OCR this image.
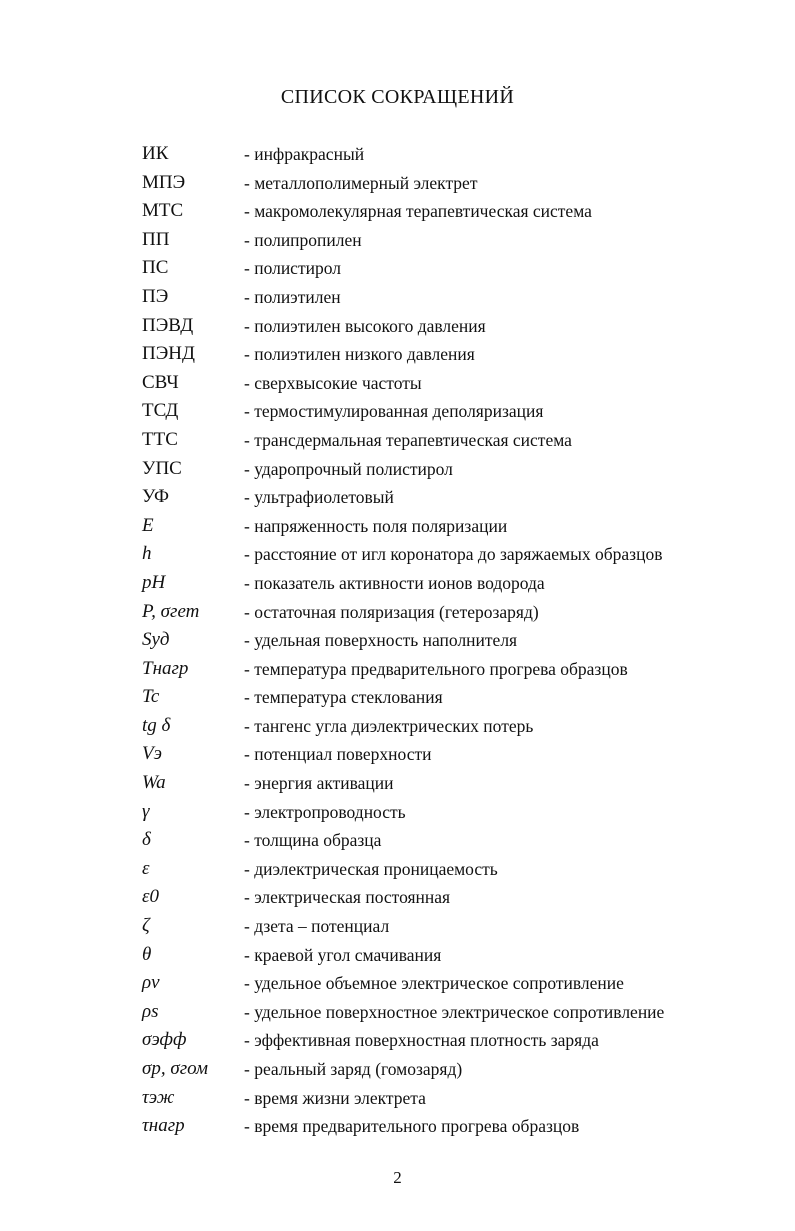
СПИСОК СОКРАЩЕНИЙ
ИК	- инфракрасный
МПЭ	- металлополимерный электрет
МТС	- макромолекулярная терапевтическая система
ПП	- полипропилен
ПС	- полистирол
ПЭ	- полиэтилен
ПЭВД	- полиэтилен высокого давления
ПЭНД	- полиэтилен низкого давления
СВЧ	- сверхвысокие частоты
ТСД	- термостимулированная деполяризация
ТТС	- трансдермальная терапевтическая система
УПС	- ударопрочный полистирол
УФ	- ультрафиолетовый
E	- напряженность поля поляризации
h	- расстояние от игл коронатора до заряжаемых образцов
pH	- показатель активности ионов водорода
P, σгет	- остаточная поляризация (гетерозаряд)
Sуд	- удельная поверхность наполнителя
Tнагр	- температура предварительного прогрева образцов
Tc	- температура стеклования
tg δ	- тангенс угла диэлектрических потерь
Vэ	- потенциал поверхности
Wa	- энергия активации
γ	- электропроводность
δ	- толщина образца
ε	- диэлектрическая проницаемость
ε0	- электрическая постоянная
ζ	- дзета – потенциал
θ	- краевой угол смачивания
ρv	- удельное объемное электрическое сопротивление
ρs	- удельное поверхностное электрическое сопротивление
σэфф	- эффективная поверхностная плотность заряда
σр, σгом - реальный заряд (гомозаряд)
τэж	- время жизни электрета
τнагр	- время предварительного прогрева образцов
2
